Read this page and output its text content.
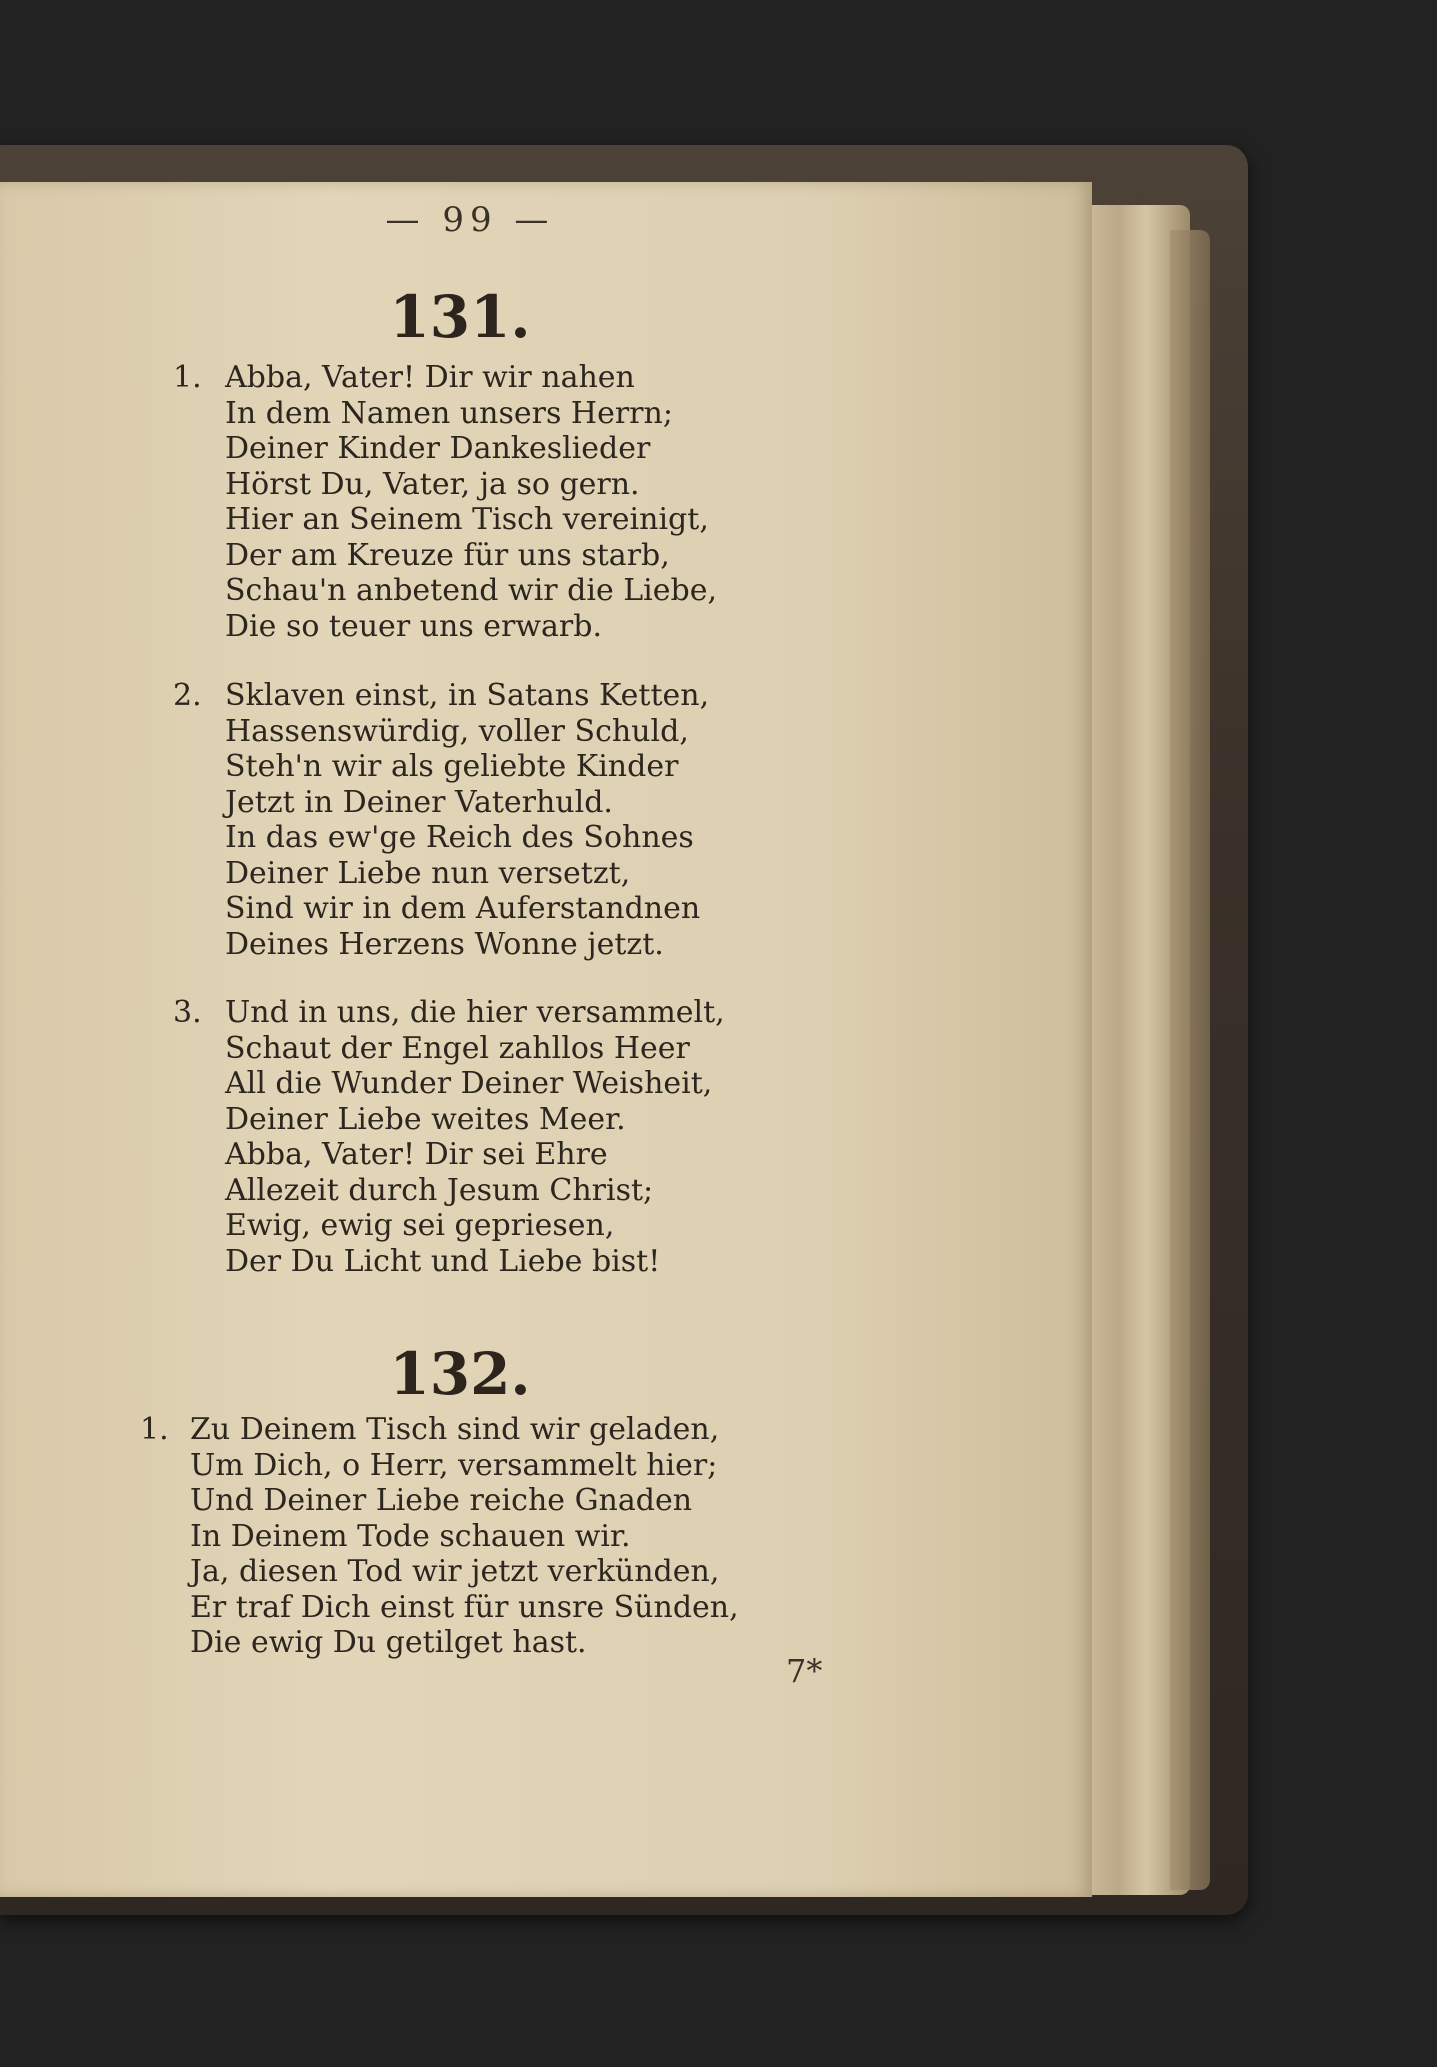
— 99 —
131.
1. Abba, Vater! Dir wir nahen
In dem Namen unsers Herrn;
Deiner Kinder Dankeslieder
Hörst Du, Vater, ja so gern.
Hier an Seinem Tisch vereinigt,
Der am Kreuze für uns starb,
Schau'n anbetend wir die Liebe,
Die so teuer uns erwarb.
2. Sklaven einst, in Satans Ketten,
Hassenswürdig, voller Schuld,
Steh'n wir als geliebte Kinder
Jetzt in Deiner Vaterhuld.
In das ew'ge Reich des Sohnes
Deiner Liebe nun versetzt,
Sind wir in dem Auferstandnen
Deines Herzens Wonne jetzt.
3. Und in uns, die hier versammelt,
Schaut der Engel zahllos Heer
All die Wunder Deiner Weisheit,
Deiner Liebe weites Meer.
Abba, Vater! Dir sei Ehre
Allezeit durch Jesum Christ;
Ewig, ewig sei gepriesen,
Der Du Licht und Liebe bist!
132.
1. Zu Deinem Tisch sind wir geladen,
Um Dich, o Herr, versammelt hier;
Und Deiner Liebe reiche Gnaden
In Deinem Tode schauen wir.
Ja, diesen Tod wir jetzt verkünden,
Er traf Dich einst für unsre Sünden,
Die ewig Du getilget hast.
7*
